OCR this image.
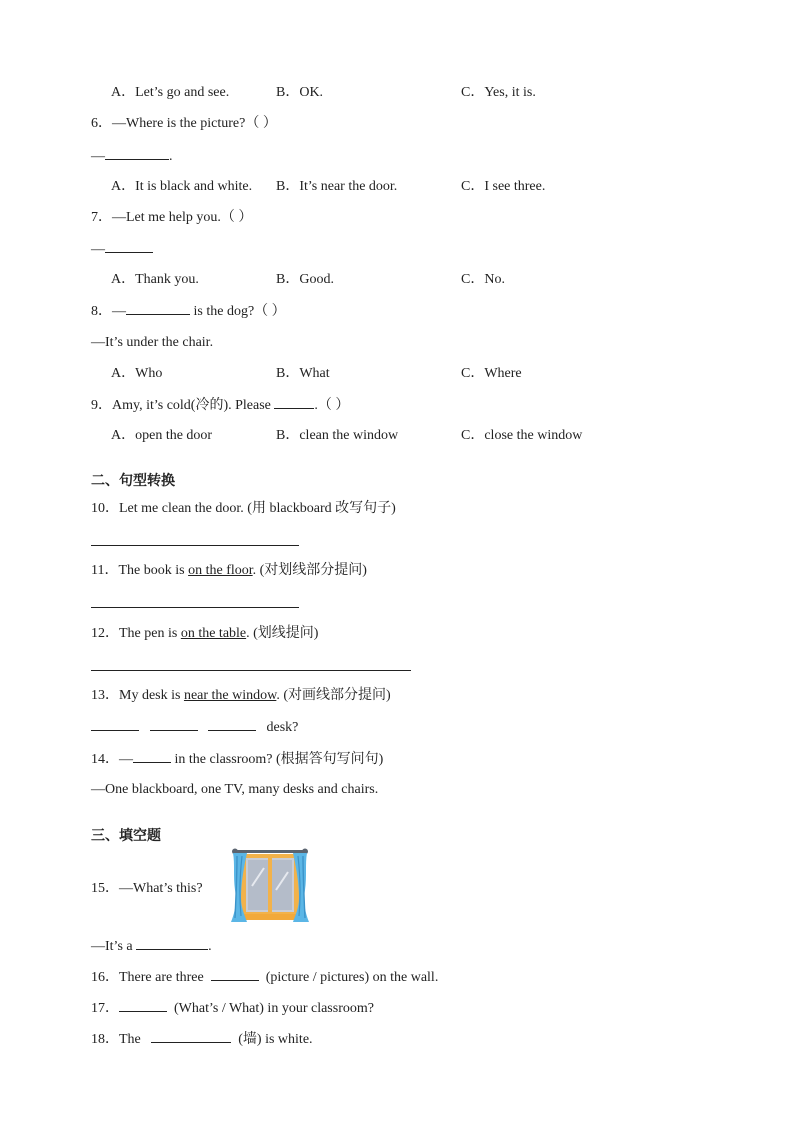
A．Let’s go and see.	B．OK.	C．Yes, it is.
6．—Where is the picture?（ ）
—	.
A．It is black and white. B．It’s near the door.	C．I see three.
7．—Let me help you.（ ）
—
A．Thank you.	B．Good.	C．No.
8．—	is the dog?（ ）
—It’s under the chair.
A．Who	B．What	C．Where
9．Amy, it’s cold(冷的). Please	.（ ）
A．open the door	B．clean the window	C．close the window
二、句型转换
10．Let me clean the door. (用 blackboard 改写句子)
11．The book is on the floor. (对划线部分提问)
12．The pen is on the table. (划线提问)
13．My desk is near the window. (对画线部分提问)
desk?
14．—	in the classroom? (根据答句写问句)
—One blackboard, one TV, many desks and chairs.
三、填空题
15．—What’s this?
—It’s a	.
16．There are three	(picture / pictures) on the wall.
17．	(What’s / What) in your classroom?
18．The	(墙) is white.
